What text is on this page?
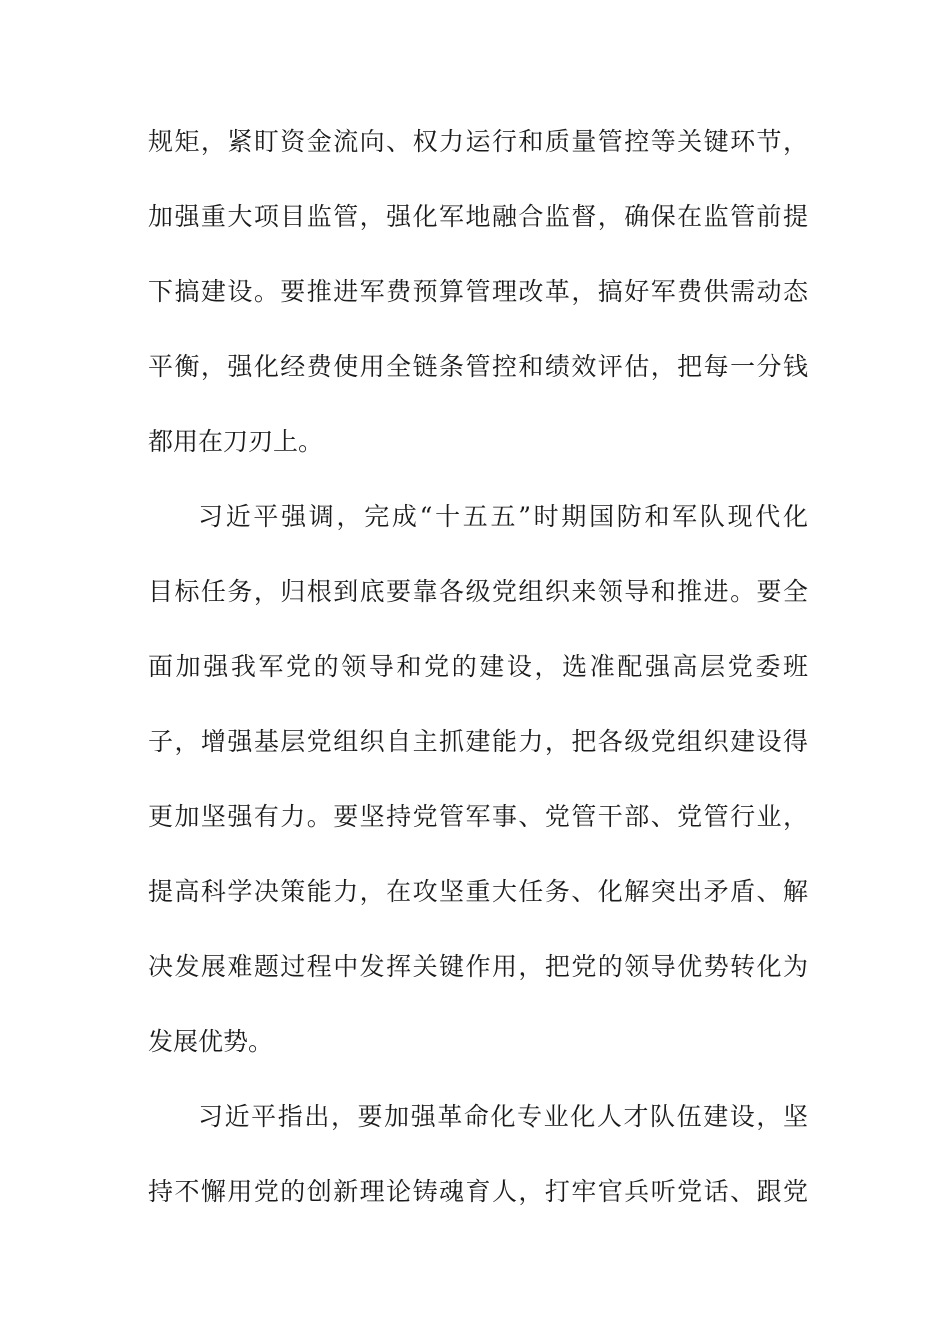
规矩，紧盯资金流向、权力运行和质量管控等关键环节，
加强重大项目监管，强化军地融合监督，确保在监管前提
下搞建设。要推进军费预算管理改革，搞好军费供需动态
平衡，强化经费使用全链条管控和绩效评估，把每一分钱
都用在刀刃上。
习近平强调，完成“十五五”时期国防和军队现代化
目标任务，归根到底要靠各级党组织来领导和推进。要全
面加强我军党的领导和党的建设，选准配强高层党委班
子，增强基层党组织自主抓建能力，把各级党组织建设得
更加坚强有力。要坚持党管军事、党管干部、党管行业，
提高科学决策能力，在攻坚重大任务、化解突出矛盾、解
决发展难题过程中发挥关键作用，把党的领导优势转化为
发展优势。
习近平指出，要加强革命化专业化人才队伍建设，坚
持不懈用党的创新理论铸魂育人，打牢官兵听党话、跟党
